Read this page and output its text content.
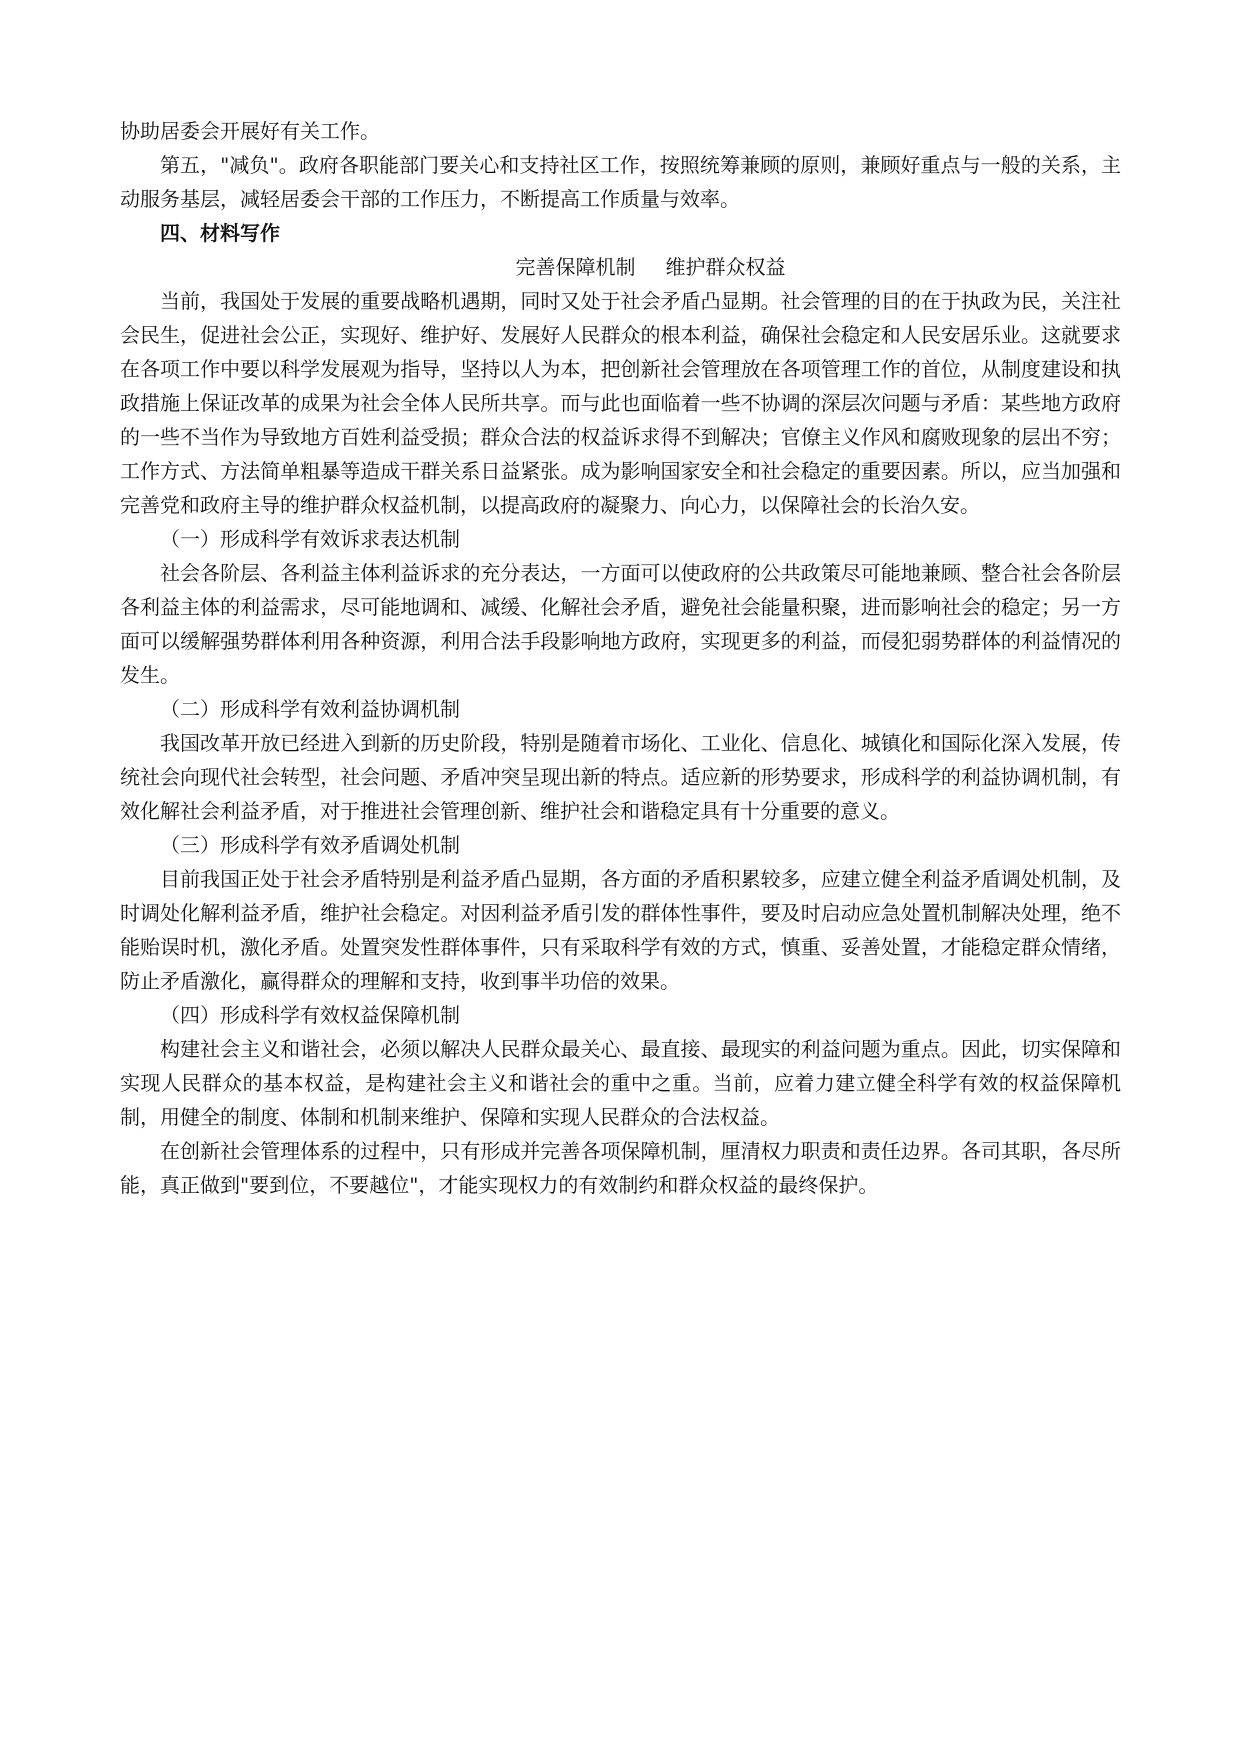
协助居委会开展好有关工作。

第五，"减负"。政府各职能部门要关心和支持社区工作，按照统筹兼顾的原则，兼顾好重点与一般的关系，主动服务基层，减轻居委会干部的工作压力，不断提高工作质量与效率。

四、材料写作

完善保障机制 维护群众权益

当前，我国处于发展的重要战略机遇期，同时又处于社会矛盾凸显期。社会管理的目的在于执政为民，关注社会民生，促进社会公正，实现好、维护好、发展好人民群众的根本利益，确保社会稳定和人民安居乐业。这就要求在各项工作中要以科学发展观为指导，坚持以人为本，把创新社会管理放在各项管理工作的首位，从制度建设和执政措施上保证改革的成果为社会全体人民所共享。而与此也面临着一些不协调的深层次问题与矛盾：某些地方政府的一些不当作为导致地方百姓利益受损；群众合法的权益诉求得不到解决；官僚主义作风和腐败现象的层出不穷；工作方式、方法简单粗暴等造成干群关系日益紧张。成为影响国家安全和社会稳定的重要因素。所以，应当加强和完善党和政府主导的维护群众权益机制，以提高政府的凝聚力、向心力，以保障社会的长治久安。

（一）形成科学有效诉求表达机制

社会各阶层、各利益主体利益诉求的充分表达，一方面可以使政府的公共政策尽可能地兼顾、整合社会各阶层各利益主体的利益需求，尽可能地调和、减缓、化解社会矛盾，避免社会能量积聚，进而影响社会的稳定；另一方面可以缓解强势群体利用各种资源，利用合法手段影响地方政府，实现更多的利益，而侵犯弱势群体的利益情况的发生。

（二）形成科学有效利益协调机制

我国改革开放已经进入到新的历史阶段，特别是随着市场化、工业化、信息化、城镇化和国际化深入发展，传统社会向现代社会转型，社会问题、矛盾冲突呈现出新的特点。适应新的形势要求，形成科学的利益协调机制，有效化解社会利益矛盾，对于推进社会管理创新、维护社会和谐稳定具有十分重要的意义。

（三）形成科学有效矛盾调处机制

目前我国正处于社会矛盾特别是利益矛盾凸显期，各方面的矛盾积累较多，应建立健全利益矛盾调处机制，及时调处化解利益矛盾，维护社会稳定。对因利益矛盾引发的群体性事件，要及时启动应急处置机制解决处理，绝不能贻误时机，激化矛盾。处置突发性群体事件，只有采取科学有效的方式，慎重、妥善处置，才能稳定群众情绪，防止矛盾激化，赢得群众的理解和支持，收到事半功倍的效果。

（四）形成科学有效权益保障机制

构建社会主义和谐社会，必须以解决人民群众最关心、最直接、最现实的利益问题为重点。因此，切实保障和实现人民群众的基本权益，是构建社会主义和谐社会的重中之重。当前，应着力建立健全科学有效的权益保障机制，用健全的制度、体制和机制来维护、保障和实现人民群众的合法权益。

在创新社会管理体系的过程中，只有形成并完善各项保障机制，厘清权力职责和责任边界。各司其职，各尽所能，真正做到"要到位，不要越位"，才能实现权力的有效制约和群众权益的最终保护。
